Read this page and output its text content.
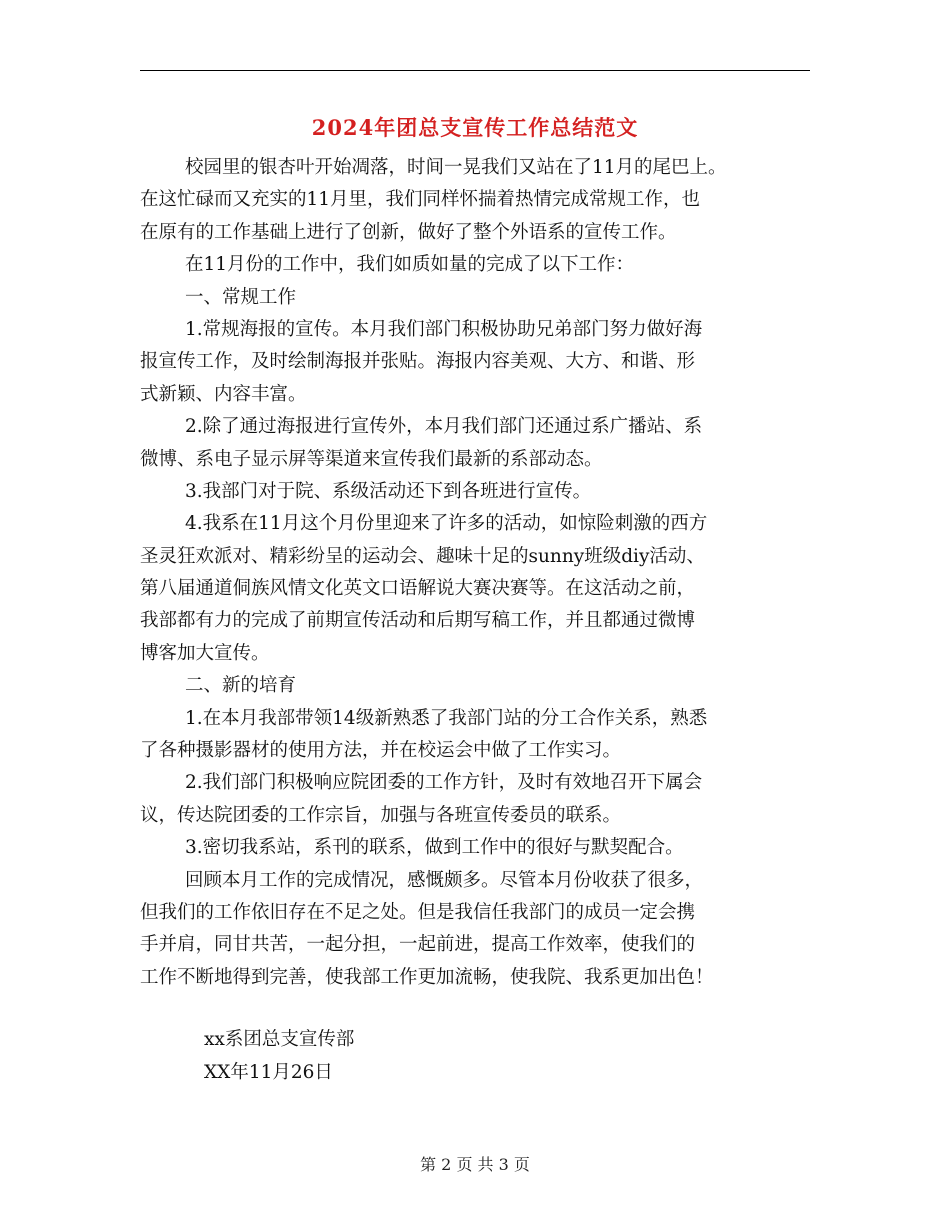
2024年团总支宣传工作总结范文
校园里的银杏叶开始凋落，时间一晃我们又站在了11月的尾巴上。
在这忙碌而又充实的11月里，我们同样怀揣着热情完成常规工作，也
在原有的工作基础上进行了创新，做好了整个外语系的宣传工作。
在11月份的工作中，我们如质如量的完成了以下工作：
一、常规工作
1.常规海报的宣传。本月我们部门积极协助兄弟部门努力做好海
报宣传工作，及时绘制海报并张贴。海报内容美观、大方、和谐、形
式新颖、内容丰富。
2.除了通过海报进行宣传外，本月我们部门还通过系广播站、系
微博、系电子显示屏等渠道来宣传我们最新的系部动态。
3.我部门对于院、系级活动还下到各班进行宣传。
4.我系在11月这个月份里迎来了许多的活动，如惊险刺激的西方
圣灵狂欢派对、精彩纷呈的运动会、趣味十足的sunny班级diy活动、
第八届通道侗族风情文化英文口语解说大赛决赛等。在这活动之前，
我部都有力的完成了前期宣传活动和后期写稿工作，并且都通过微博
博客加大宣传。
二、新的培育
1.在本月我部带领14级新熟悉了我部门站的分工合作关系，熟悉
了各种摄影器材的使用方法，并在校运会中做了工作实习。
2.我们部门积极响应院团委的工作方针，及时有效地召开下属会
议，传达院团委的工作宗旨，加强与各班宣传委员的联系。
3.密切我系站，系刊的联系，做到工作中的很好与默契配合。
回顾本月工作的完成情况，感慨颇多。尽管本月份收获了很多，
但我们的工作依旧存在不足之处。但是我信任我部门的成员一定会携
手并肩，同甘共苦，一起分担，一起前进，提高工作效率，使我们的
工作不断地得到完善，使我部工作更加流畅，使我院、我系更加出色！
xx系团总支宣传部
XX年11月26日
第 2 页 共 3 页
